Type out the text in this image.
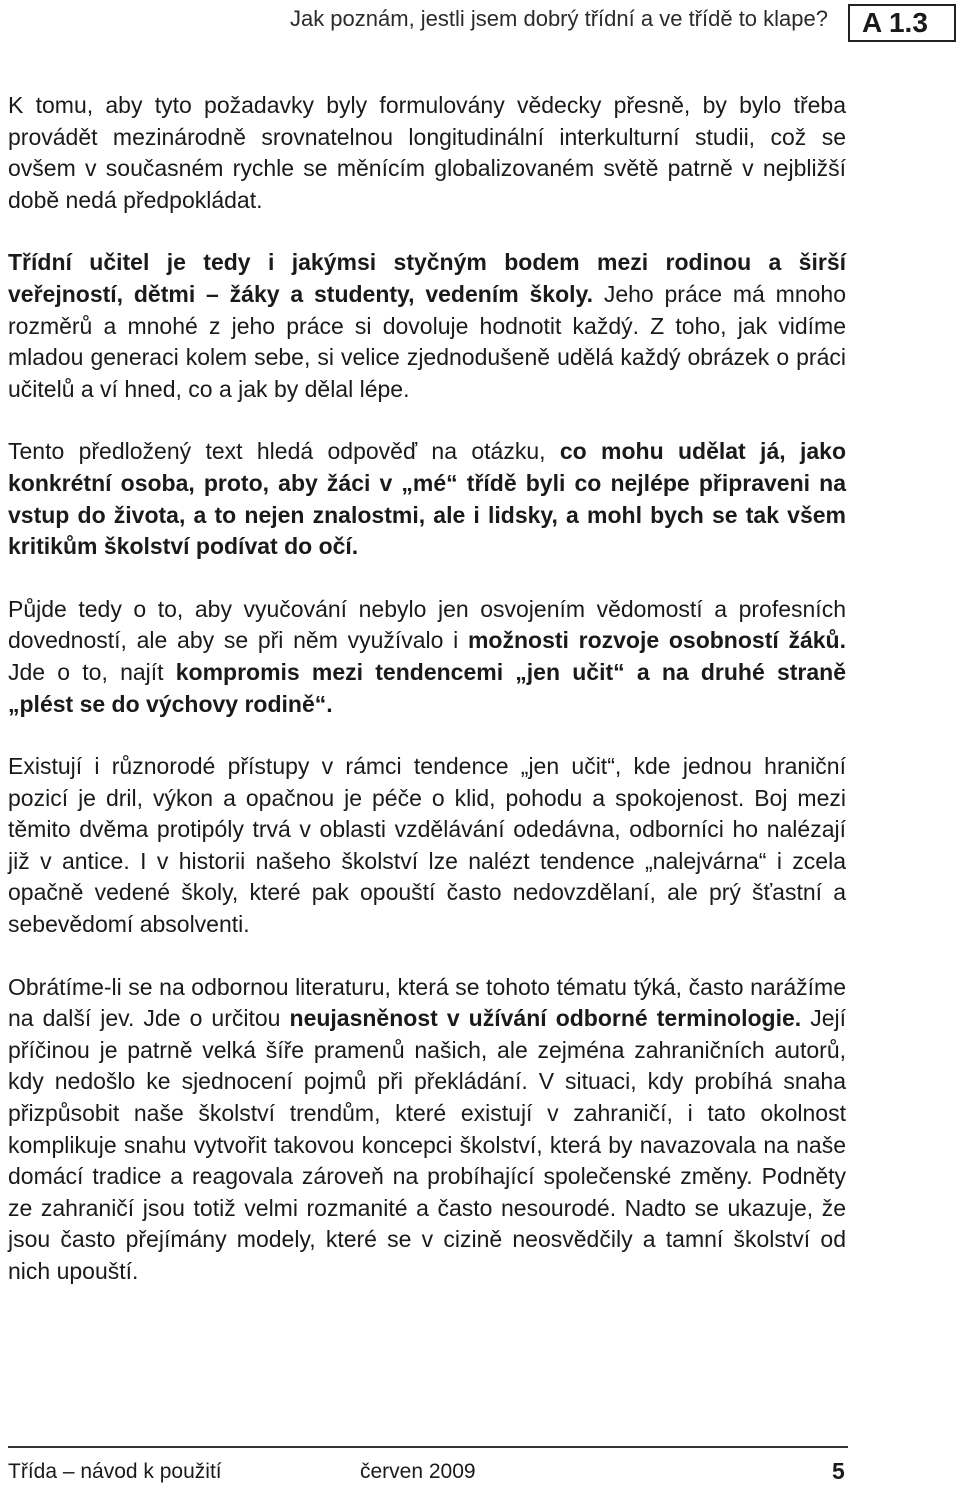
Jak poznám, jestli jsem dobrý třídní a ve třídě to klape?	A 1.3

K tomu, aby tyto požadavky byly formulovány vědecky přesně, by bylo třeba provádět mezinárodně srovnatelnou longitudinální interkulturní studii, což se ovšem v současném rychle se měnícím globalizovaném světě patrně v nejbližší době nedá předpokládat.

Třídní učitel je tedy i jakýmsi styčným bodem mezi rodinou a širší veřejností, dětmi – žáky a studenty, vedením školy. Jeho práce má mnoho rozměrů a mnohé z jeho práce si dovoluje hodnotit každý. Z toho, jak vidíme mladou generaci kolem sebe, si velice zjednodušeně udělá každý obrázek o práci učitelů a ví hned, co a jak by dělal lépe.

Tento předložený text hledá odpověď na otázku, co mohu udělat já, jako konkrétní osoba, proto, aby žáci v „mé“ třídě byli co nejlépe připraveni na vstup do života, a to nejen znalostmi, ale i lidsky, a mohl bych se tak všem kritikům školství podívat do očí.

Půjde tedy o to, aby vyučování nebylo jen osvojením vědomostí a profesních dovedností, ale aby se při něm využívalo i možnosti rozvoje osobností žáků. Jde o to, najít kompromis mezi tendencemi „jen učit“ a na druhé straně „plést se do výchovy rodině“.

Existují i různorodé přístupy v rámci tendence „jen učit“, kde jednou hraniční pozicí je dril, výkon a opačnou je péče o klid, pohodu a spokojenost. Boj mezi těmito dvěma protipóly trvá v oblasti vzdělávání odedávna, odborníci ho nalézají již v antice. I v historii našeho školství lze nalézt tendence „nalejvárna“ i zcela opačně vedené školy, které pak opouští často nedovzdělaní, ale prý šťastní a sebevědomí absolventi.

Obrátíme-li se na odbornou literaturu, která se tohoto tématu týká, často narážíme na další jev. Jde o určitou neujasněnost v užívání odborné terminologie. Její příčinou je patrně velká šíře pramenů našich, ale zejména zahraničních autorů, kdy nedošlo ke sjednocení pojmů při překládání. V situaci, kdy probíhá snaha přizpůsobit naše školství trendům, které existují v zahraničí, i tato okolnost komplikuje snahu vytvořit takovou koncepci školství, která by navazovala na naše domácí tradice a reagovala zároveň na probíhající společenské změny. Podněty ze zahraničí jsou totiž velmi rozmanité a často nesourodé. Nadto se ukazuje, že jsou často přejímány modely, které se v cizině neosvědčily a tamní školství od nich upouští.

Třída – návod k použití	červen 2009	5
